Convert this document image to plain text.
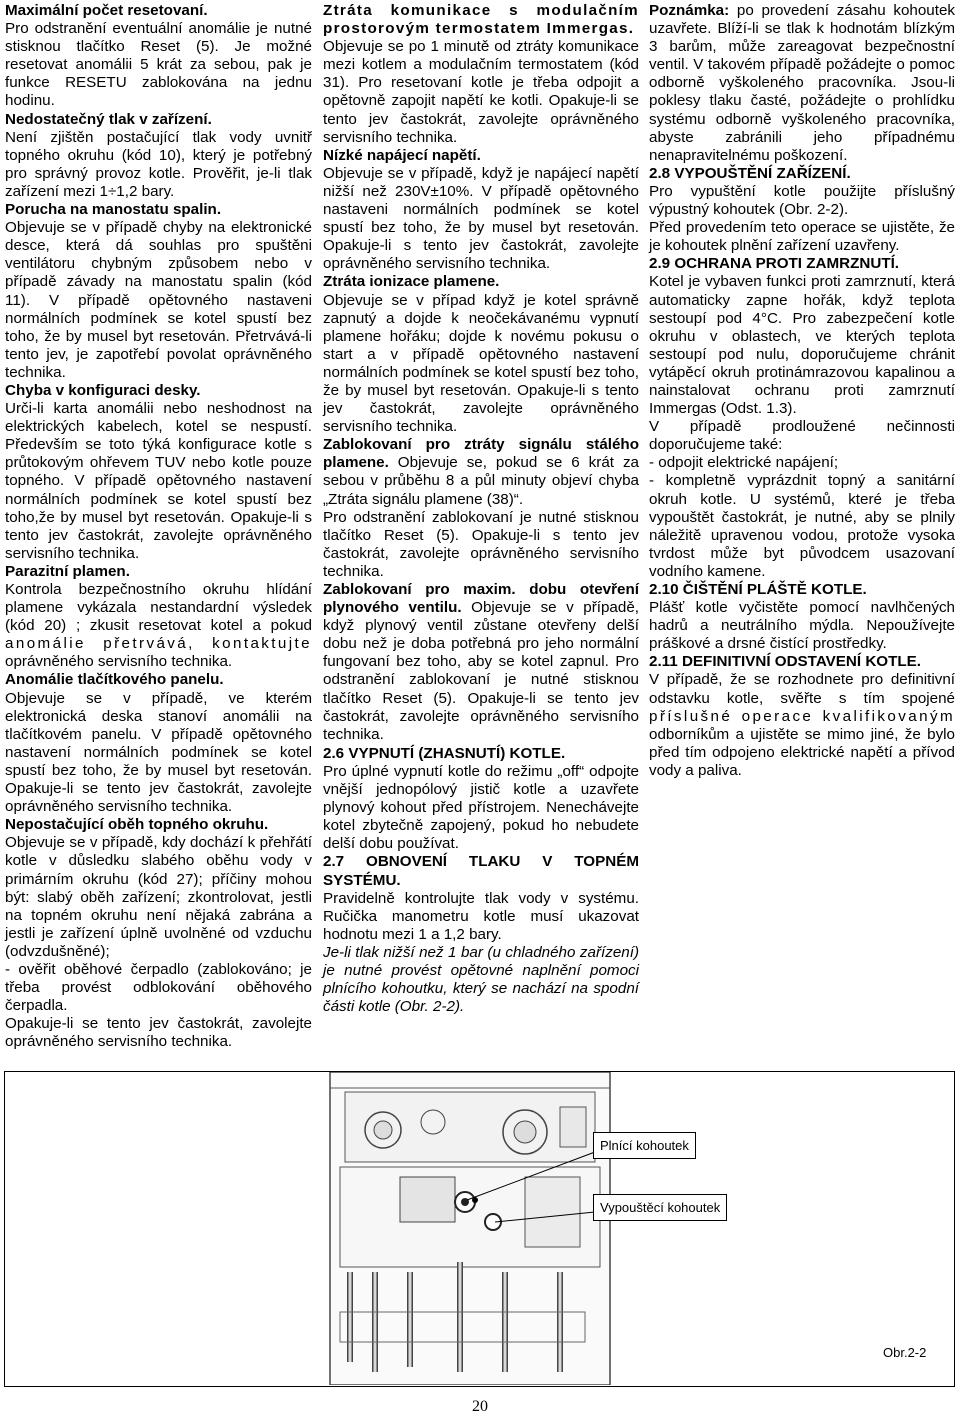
Maximální počet resetovaní.
Pro odstranění eventuální anomálie je nutné stisknou tlačítko Reset (5). Je možné resetovat anomálii 5 krát za sebou, pak je funkce RESETU zablokována na jednu hodinu.

Nedostatečný tlak v zařízení.
Není zjištěn postačující tlak vody uvnitř topného okruhu (kód 10), který je potřebný pro správný provoz kotle. Prověřit, je-li tlak zařízení mezi 1÷1,2 bary.

Porucha na manostatu spalin.
Objevuje se v případě chyby na elektronické desce, která dá souhlas pro spuštěni ventilátoru chybným způsobem nebo v případě závady na manostatu spalin (kód 11). V případě opětovného nastaveni normálních podmínek se kotel spustí bez toho, že by musel byt resetován. Přetrvává-li tento jev, je zapotřebí povolat oprávněného technika.

Chyba v konfiguraci desky.
Urči-li karta anomálii nebo neshodnost na elektrických kabelech, kotel se nespustí. Především se toto týká konfigurace kotle s průtokovým ohřevem TUV nebo kotle pouze topného. V případě opětovného nastavení normálních podmínek se kotel spustí bez toho,že by musel byt resetován. Opakuje-li s tento jev častokrát, zavolejte oprávněného servisního technika.

Parazitní plamen.
Kontrola bezpečnostního okruhu hlídání plamene vykázala nestandardní výsledek (kód 20) ; zkusit resetovat kotel a pokud anomálie přetrvává, kontaktujte oprávněného servisního technika.

Anomálie tlačítkového panelu.
Objevuje se v případě, ve kterém elektronická deska stanoví anomálii na tlačítkovém panelu. V případě opětovného nastavení normálních podmínek se kotel spustí bez toho, že by musel byt resetován. Opakuje-li se tento jev častokrát, zavolejte oprávněného servisního technika.

Nepostačující oběh topného okruhu.
Objevuje se v případě, kdy dochází k přehřátí kotle v důsledku slabého oběhu vody v primárním okruhu (kód 27); příčiny mohou být: slabý oběh zařízení; zkontrolovat, jestli na topném okruhu není nějaká zabrána a jestli je zařízení úplně uvolněné od vzduchu (odvzdušněné);

- ověřit oběhové čerpadlo (zablokováno; je třeba provést odblokování oběhového čerpadla.

Opakuje-li se tento jev častokrát, zavolejte oprávněného servisního technika.

Ztráta komunikace s modulačním prostorovým termostatem Immergas.
Objevuje se po 1 minutě od ztráty komunikace mezi kotlem a modulačním termostatem (kód 31). Pro resetovaní kotle je třeba odpojit a opětovně zapojit napětí ke kotli. Opakuje-li se tento jev častokrát, zavolejte oprávněného servisního technika.

Nízké napájecí napětí.
Objevuje se v případě, když je napájecí napětí nižší než 230V±10%. V případě opětovného nastaveni normálních podmínek se kotel spustí bez toho, že by musel byt resetován. Opakuje-li s tento jev častokrát, zavolejte oprávněného servisního technika.

Ztráta ionizace plamene.
Objevuje se v případ když je kotel správně zapnutý a dojde k neočekávanému vypnutí plamene hořáku; dojde k novému pokusu o start a v případě opětovného nastavení normálních podmínek se kotel spustí bez toho, že by musel byt resetován. Opakuje-li s tento jev častokrát, zavolejte oprávněného servisního technika.

Zablokovaní pro ztráty signálu stálého plamene. Objevuje se, pokud se 6 krát za sebou v průběhu 8 a půl minuty objeví chyba „Ztráta signálu plamene (38)“.

Pro odstranění zablokovaní je nutné stisknou tlačítko Reset (5). Opakuje-li s tento jev častokrát, zavolejte oprávněného servisního technika.

Zablokovaní pro maxim. dobu otevření plynového ventilu. Objevuje se v případě, když plynový ventil zůstane otevřeny delší dobu než je doba potřebná pro jeho normální fungovaní bez toho, aby se kotel zapnul. Pro odstranění zablokovaní je nutné stisknou tlačítko Reset (5). Opakuje-li se tento jev častokrát, zavolejte oprávněného servisního technika.

2.6 VYPNUTÍ (ZHASNUTÍ) KOTLE.

Pro úplné vypnutí kotle do režimu „off“ odpojte vnější jednopólový jistič kotle a uzavřete plynový kohout před přístrojem. Nenechávejte kotel zbytečně zapojený, pokud ho nebudete delší dobu používat.

2.7 OBNOVENÍ TLAKU V TOPNÉM SYSTÉMU.

Pravidelně kontrolujte tlak vody v systému. Ručička manometru kotle musí ukazovat hodnotu mezi 1 a 1,2 bary.

Je-li tlak nižší než 1 bar (u chladného zařízení) je nutné provést opětovné naplnění pomoci plnícího kohoutku, který se nachází na spodní části kotle (Obr. 2-2).

Poznámka: po provedení zásahu kohoutek uzavřete. Blíží-li se tlak k hodnotám blízkým 3 barům, může zareagovat bezpečnostní ventil. V takovém případě požádejte o pomoc odborně vyškoleného pracovníka. Jsou-li poklesy tlaku časté, požádejte o prohlídku systému odborně vyškoleného pracovníka, abyste zabránili jeho případnému nenapravitelnému poškození.

2.8 VYPOUŠTĚNÍ ZAŘÍZENÍ.

Pro vypuštění kotle použijte příslušný výpustný kohoutek (Obr. 2-2).

Před provedením teto operace se ujistěte, že je kohoutek plnění zařízení uzavřeny.

2.9 OCHRANA PROTI ZAMRZNUTÍ.

Kotel je vybaven funkci proti zamrznutí, která automaticky zapne hořák, když teplota sestoupí pod 4°C. Pro zabezpečení kotle okruhu v oblastech, ve kterých teplota sestoupí pod nulu, doporučujeme chránit vytápěcí okruh protinámrazovou kapalinou a nainstalovat ochranu proti zamrznutí Immergas (Odst. 1.3).

V případě prodloužené nečinnosti doporučujeme také:

- odpojit elektrické napájení;

- kompletně vyprázdnit topný a sanitární okruh kotle. U systémů, které je třeba vypouštět častokrát, je nutné, aby se plnily náležitě upravenou vodou, protože vysoka tvrdost může byt původcem usazovaní vodního kamene.

2.10 ČIŠTĚNÍ PLÁŠTĚ KOTLE.

Plášť kotle vyčistěte pomocí navlhčených hadrů a neutrálního mýdla. Nepoužívejte práškové a drsné čistící prostředky.

2.11 DEFINITIVNÍ ODSTAVENÍ KOTLE.

V případě, že se rozhodnete pro definitivní odstavku kotle, svěřte s tím spojené příslušné operace kvalifikovaným odborníkům a ujistěte se mimo jiné, že bylo před tím odpojeno elektrické napětí a přívod vody a paliva.

Plnící kohoutek
Vypouštěcí kohoutek
Obr.2-2
20
